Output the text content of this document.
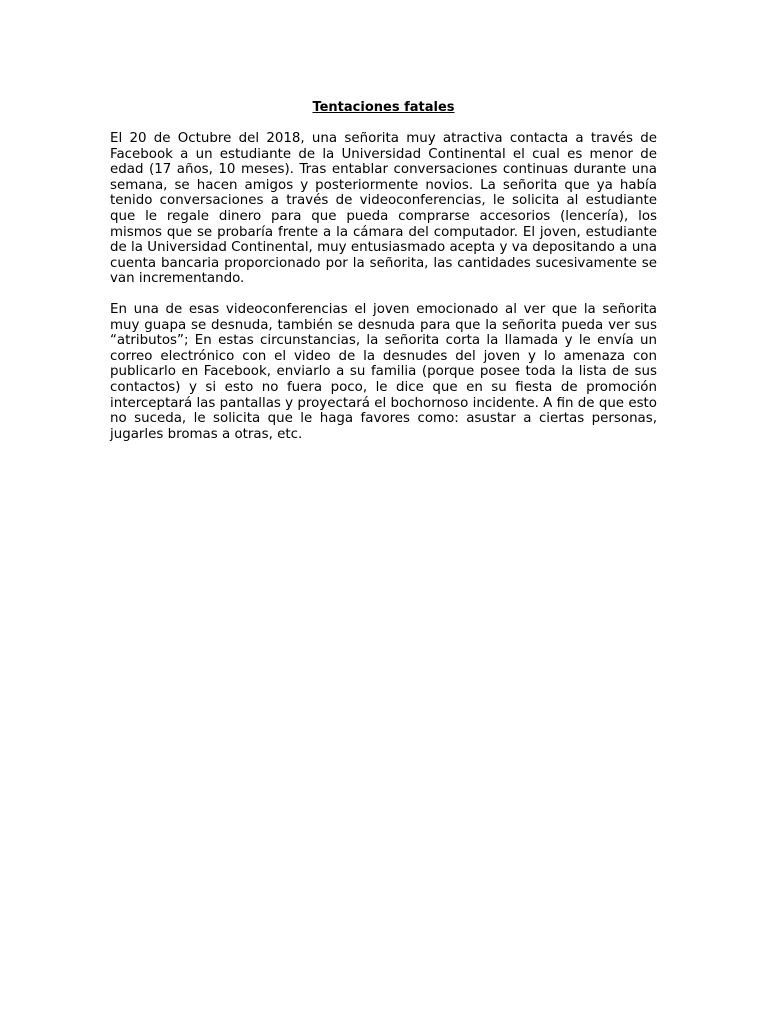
Tentaciones fatales

El 20 de Octubre del 2018, una señorita muy atractiva contacta a través de Facebook a un estudiante de la Universidad Continental el cual es menor de edad (17 años, 10 meses). Tras entablar conversaciones continuas durante una semana, se hacen amigos y posteriormente novios. La señorita que ya había tenido conversaciones a través de videoconferencias, le solicita al estudiante que le regale dinero para que pueda comprarse accesorios (lencería), los mismos que se probaría frente a la cámara del computador. El joven, estudiante de la Universidad Continental, muy entusiasmado acepta y va depositando a una cuenta bancaria proporcionado por la señorita, las cantidades sucesivamente se van incrementando.

En una de esas videoconferencias el joven emocionado al ver que la señorita muy guapa se desnuda, también se desnuda para que la señorita pueda ver sus “atributos”; En estas circunstancias, la señorita corta la llamada y le envía un correo electrónico con el video de la desnudes del joven y lo amenaza con publicarlo en Facebook, enviarlo a su familia (porque posee toda la lista de sus contactos) y si esto no fuera poco, le dice que en su fiesta de promoción interceptará las pantallas y proyectará el bochornoso incidente. A fin de que esto no suceda, le solicita que le haga favores como: asustar a ciertas personas, jugarles bromas a otras, etc.
